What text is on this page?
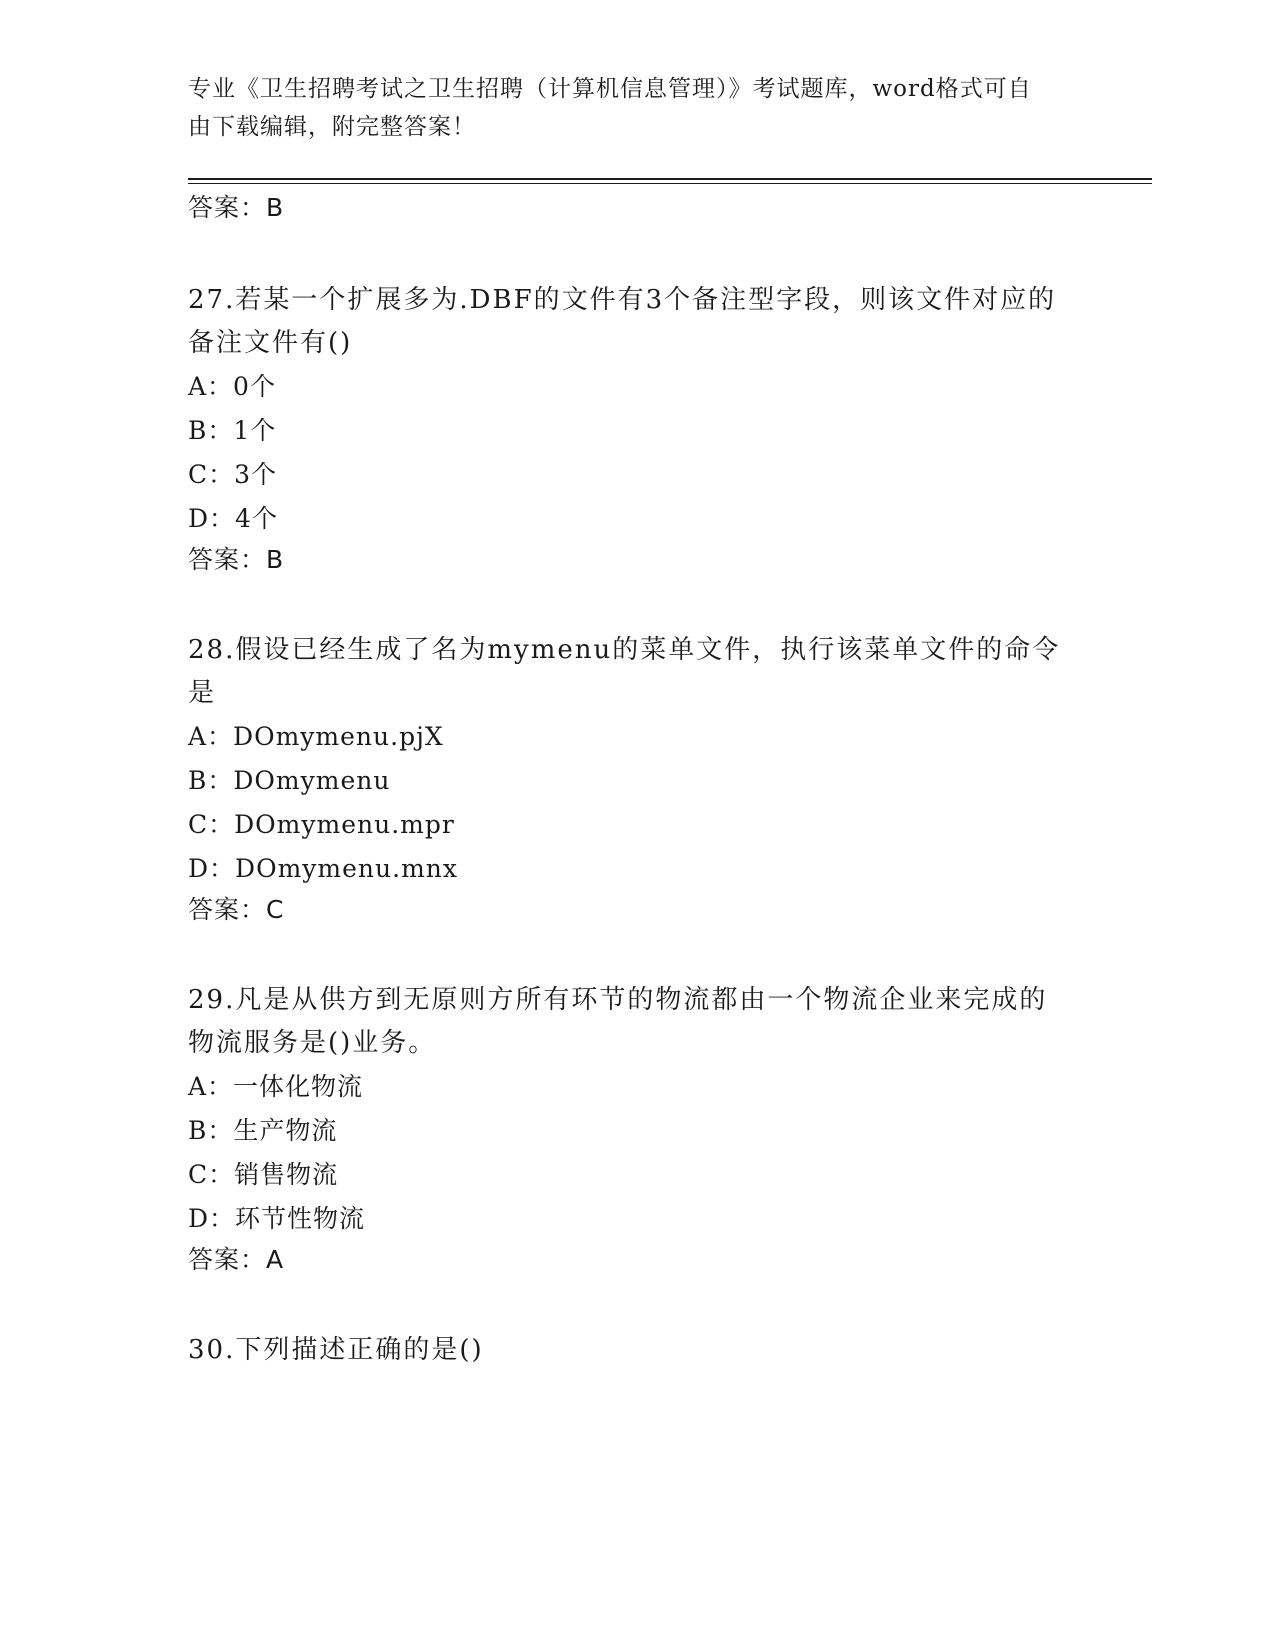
专业《卫生招聘考试之卫生招聘（计算机信息管理）》考试题库，word格式可自
由下载编辑，附完整答案！
答案：B
27.若某一个扩展多为.DBF的文件有3个备注型字段，则该文件对应的
备注文件有()
A：0个
B：1个
C：3个
D：4个
答案：B
28.假设已经生成了名为mymenu的菜单文件，执行该菜单文件的命令
是
A：DOmymenu.pjX
B：DOmymenu
C：DOmymenu.mpr
D：DOmymenu.mnx
答案：C
29.凡是从供方到无原则方所有环节的物流都由一个物流企业来完成的
物流服务是()业务。
A：一体化物流
B：生产物流
C：销售物流
D：环节性物流
答案：A
30.下列描述正确的是()
